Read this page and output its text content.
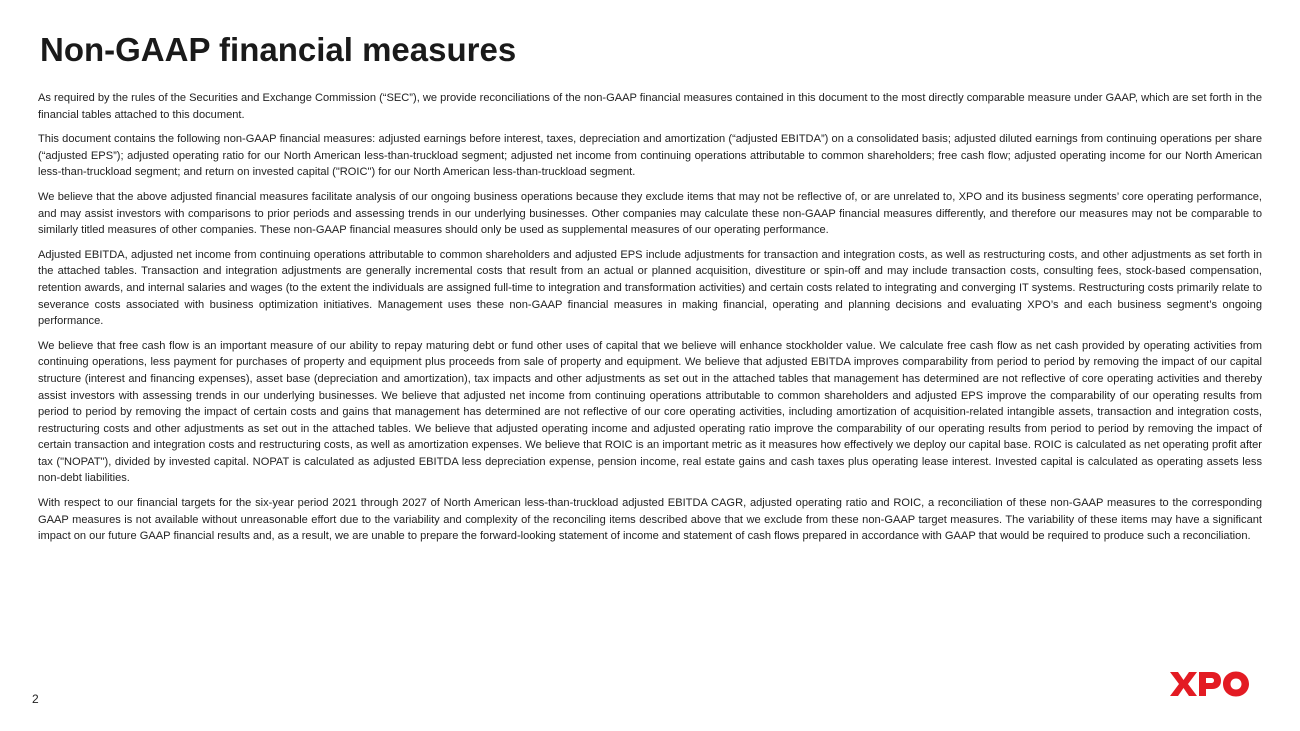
Non-GAAP financial measures

As required by the rules of the Securities and Exchange Commission (“SEC”), we provide reconciliations of the non-GAAP financial measures contained in this document to the most directly comparable measure under GAAP, which are set forth in the financial tables attached to this document.

This document contains the following non-GAAP financial measures: adjusted earnings before interest, taxes, depreciation and amortization (“adjusted EBITDA”) on a consolidated basis; adjusted diluted earnings from continuing operations per share (“adjusted EPS”); adjusted operating ratio for our North American less-than-truckload segment; adjusted net income from continuing operations attributable to common shareholders; free cash flow; adjusted operating income for our North American less-than-truckload segment; and return on invested capital ("ROIC") for our North American less-than-truckload segment.

We believe that the above adjusted financial measures facilitate analysis of our ongoing business operations because they exclude items that may not be reflective of, or are unrelated to, XPO and its business segments’ core operating performance, and may assist investors with comparisons to prior periods and assessing trends in our underlying businesses. Other companies may calculate these non-GAAP financial measures differently, and therefore our measures may not be comparable to similarly titled measures of other companies. These non-GAAP financial measures should only be used as supplemental measures of our operating performance.

Adjusted EBITDA, adjusted net income from continuing operations attributable to common shareholders and adjusted EPS include adjustments for transaction and integration costs, as well as restructuring costs, and other adjustments as set forth in the attached tables. Transaction and integration adjustments are generally incremental costs that result from an actual or planned acquisition, divestiture or spin-off and may include transaction costs, consulting fees, stock-based compensation, retention awards, and internal salaries and wages (to the extent the individuals are assigned full-time to integration and transformation activities) and certain costs related to integrating and converging IT systems. Restructuring costs primarily relate to severance costs associated with business optimization initiatives. Management uses these non-GAAP financial measures in making financial, operating and planning decisions and evaluating XPO’s and each business segment’s ongoing performance.

We believe that free cash flow is an important measure of our ability to repay maturing debt or fund other uses of capital that we believe will enhance stockholder value. We calculate free cash flow as net cash provided by operating activities from continuing operations, less payment for purchases of property and equipment plus proceeds from sale of property and equipment. We believe that adjusted EBITDA improves comparability from period to period by removing the impact of our capital structure (interest and financing expenses), asset base (depreciation and amortization), tax impacts and other adjustments as set out in the attached tables that management has determined are not reflective of core operating activities and thereby assist investors with assessing trends in our underlying businesses. We believe that adjusted net income from continuing operations attributable to common shareholders and adjusted EPS improve the comparability of our operating results from period to period by removing the impact of certain costs and gains that management has determined are not reflective of our core operating activities, including amortization of acquisition-related intangible assets, transaction and integration costs, restructuring costs and other adjustments as set out in the attached tables. We believe that adjusted operating income and adjusted operating ratio improve the comparability of our operating results from period to period by removing the impact of certain transaction and integration costs and restructuring costs, as well as amortization expenses. We believe that ROIC is an important metric as it measures how effectively we deploy our capital base. ROIC is calculated as net operating profit after tax ("NOPAT"), divided by invested capital. NOPAT is calculated as adjusted EBITDA less depreciation expense, pension income, real estate gains and cash taxes plus operating lease interest. Invested capital is calculated as operating assets less non-debt liabilities.

With respect to our financial targets for the six-year period 2021 through 2027 of North American less-than-truckload adjusted EBITDA CAGR, adjusted operating ratio and ROIC, a reconciliation of these non-GAAP measures to the corresponding GAAP measures is not available without unreasonable effort due to the variability and complexity of the reconciling items described above that we exclude from these non-GAAP target measures. The variability of these items may have a significant impact on our future GAAP financial results and, as a result, we are unable to prepare the forward-looking statement of income and statement of cash flows prepared in accordance with GAAP that would be required to produce such a reconciliation.

2
